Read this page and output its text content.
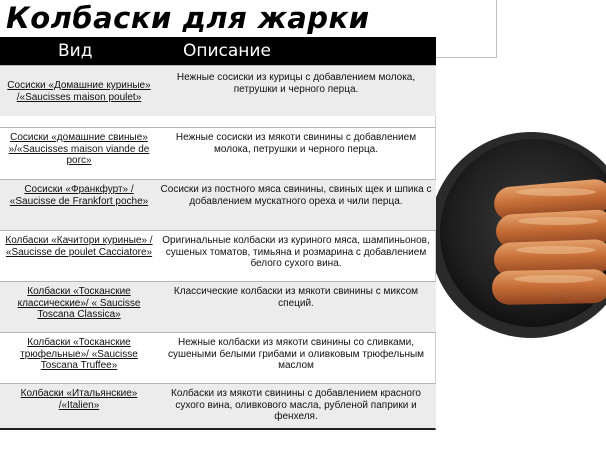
Колбаски для жарки
Вид	Описание
Сосиски «Домашние куриные» /«Saucisses maison poulet»
Нежные сосиски из курицы с добавлением молока, петрушки и черного перца.
Сосиски «домашние свиные» »/«Saucisses maison viande de porc»
Нежные сосиски из мякоти свинины с добавлением молока, петрушки и черного перца.
Сосиски «Франкфурт» / «Saucisse de Frankfort poche»
Сосиски из постного мяса свинины, свиных щек и шпика с добавлением мускатного ореха и чили перца.
Колбаски «Качитори куриные» / «Saucisse de poulet Cacciatore»
Оригинальные колбаски из куриного мяса, шампиньонов, сушеных томатов, тимьяна и розмарина с добавлением белого сухого вина.
Колбаски «Тосканские классические»/ « Saucisse Toscana Classica»
Классические колбаски из мякоти свинины с миксом специй.
Колбаски «Тосканские трюфельные»/ «Saucisse Toscana Truffee»
Нежные колбаски из мякоти свинины со сливками, сушеными белыми грибами и оливковым трюфельным маслом
Колбаски «Итальянские» /«Italien»
Колбаски из мякоти свинины с добавлением красного сухого вина, оливкового масла, рубленой паприки и фенхеля.
